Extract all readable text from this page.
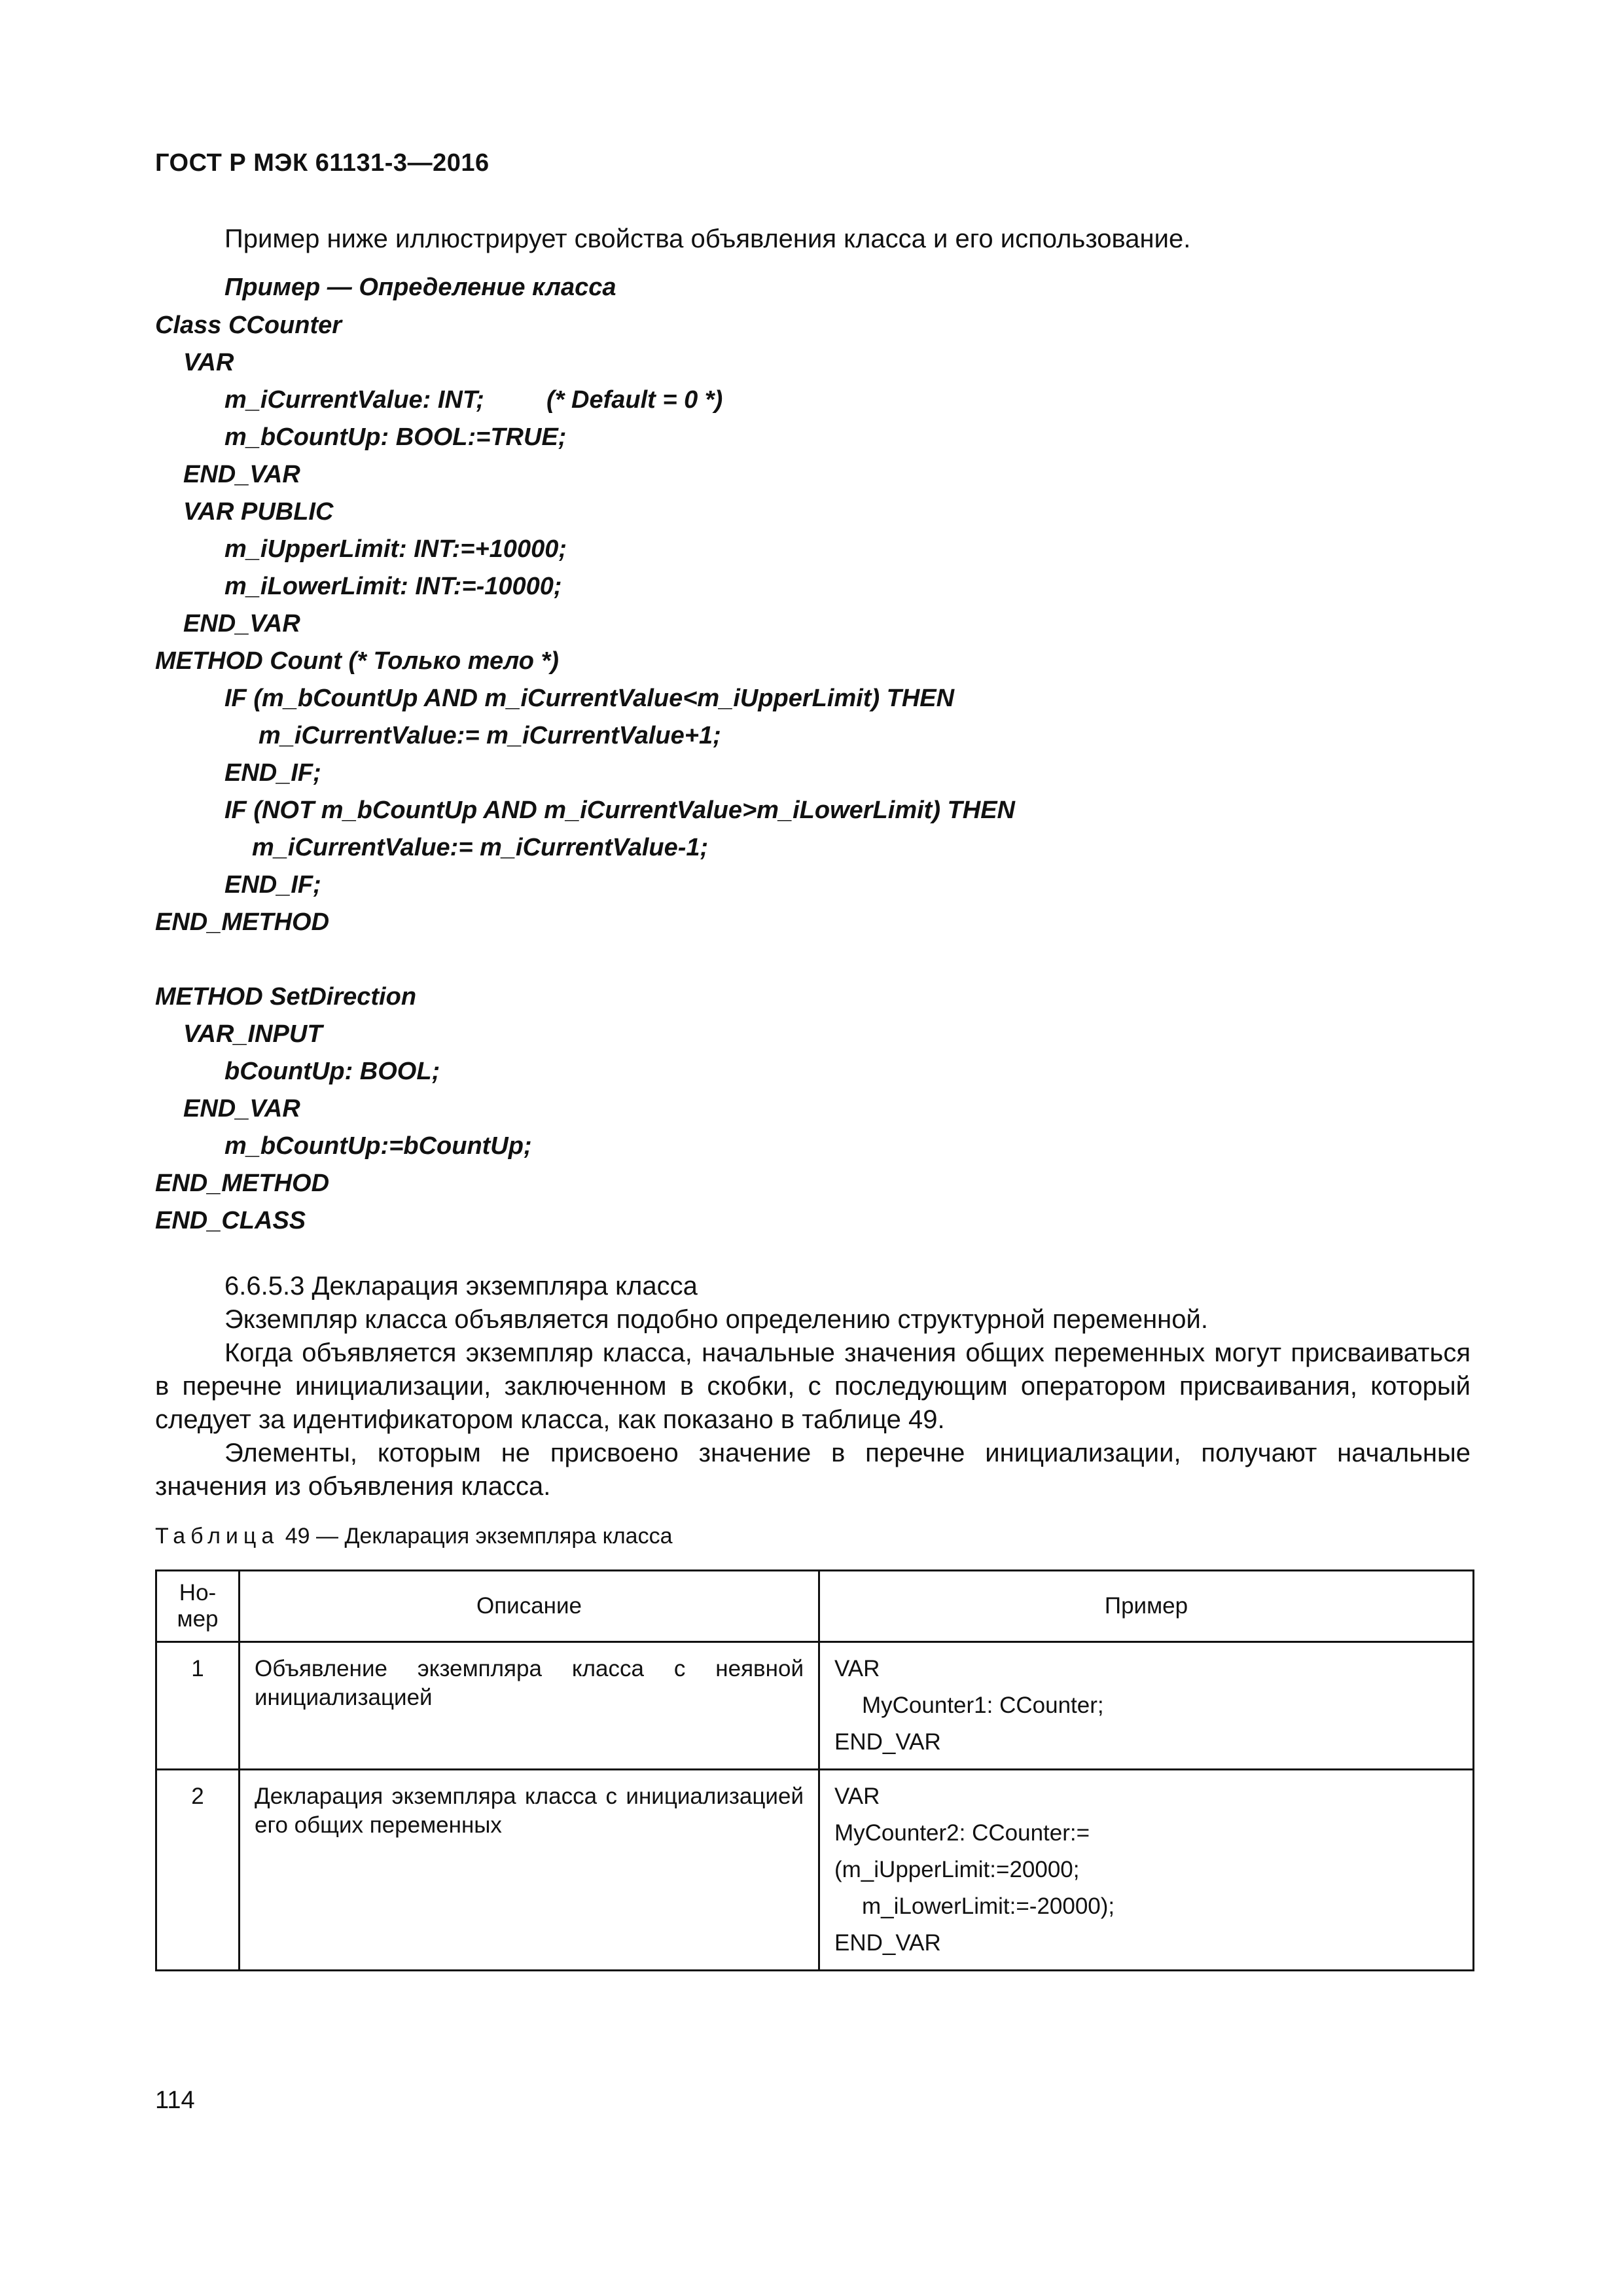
ГОСТ Р МЭК 61131-3—2016
Пример ниже иллюстрирует свойства объявления класса и его использование.

Пример — Определение класса

Class CCounter

VAR

m_iCurrentValue: INT;

	(* Default = 0 *)

m_bCountUp: BOOL:=TRUE;

END_VAR

VAR PUBLIC

m_iUpperLimit: INT:=+10000;

m_iLowerLimit: INT:=-10000;

END_VAR

METHOD Count (* Только тело *)

IF (m_bCountUp AND m_iCurrentValue<m_iUpperLimit) THEN

m_iCurrentValue:= m_iCurrentValue+1;

END_IF;

IF (NOT m_bCountUp AND m_iCurrentValue>m_iLowerLimit) THEN

m_iCurrentValue:= m_iCurrentValue-1;

END_IF;

END_METHOD

METHOD SetDirection

VAR_INPUT

bCountUp: BOOL;

END_VAR

m_bCountUp:=bCountUp;

END_METHOD

END_CLASS

6.6.5.3 Декларация экземпляра класса

Экземпляр класса объявляется подобно определению структурной переменной.

Когда объявляется экземпляр класса, начальные значения общих переменных могут присваиваться в перечне инициализации, заключенном в скобки, с последующим оператором присваивания, который следует за идентификатором класса, как показано в таблице 49.

Элементы, которым не присвоено значение в перечне инициализации, получают начальные значения из объявления класса.

Таблица 49 — Декларация экземпляра класса
Но-
мер	Описание	Пример
1	Объявление экземпляра класса с неявной инициализацией	VAR
MyCounter1: CCounter;
END_VAR

2	Декларация экземпляра класса с инициализацией его общих переменных	VAR
MyCounter2: CCounter:=
(m_iUpperLimit:=20000;
m_iLowerLimit:=-20000);
END_VAR
114
